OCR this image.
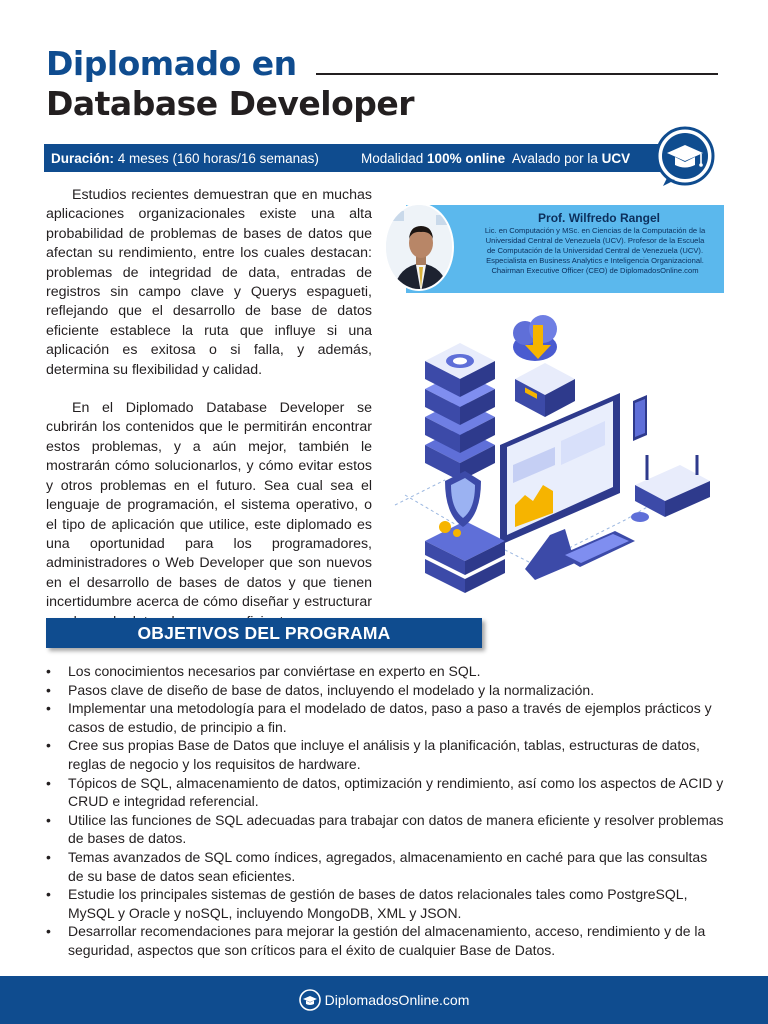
Diplomado en
Database Developer
Duración: 4 meses (160 horas/16 semanas)	Modalidad 100% online  Avalado por la UCV

Estudios recientes demuestran que en muchas aplicaciones organizacionales existe una alta probabilidad de problemas de bases de datos que afectan su rendimiento, entre los cuales destacan: problemas de integridad de data, entradas de registros sin campo clave y Querys espagueti, reflejando que el desarrollo de base de datos eficiente establece la ruta que influye si una aplicación es exitosa o si falla, y además, determina su flexibilidad y calidad.

En el Diplomado Database Developer se cubrirán los contenidos que le permitirán encontrar estos problemas, y a aún mejor, también le mostrarán cómo solucionarlos, y cómo evitar estos y otros problemas en el futuro. Sea cual sea el lenguaje de programación, el sistema operativo, o el tipo de aplicación que utilice, este diplomado es una oportunidad para los programadores, administradores o Web Developer que son nuevos en el desarrollo de bases de datos y que tienen incertidumbre acerca de cómo diseñar y estructurar

Prof. Wilfredo Rangel
Lic. en Computación y MSc. en Ciencias de la Computación de la
Universidad Central de Venezuela (UCV). Profesor de la Escuela
de Computación de la Universidad Central de Venezuela (UCV).
Especialista en Business Analytics e Inteligencia Organizacional.
Chairman Executive Officer (CEO) de DiplomadosOnline.com
OBJETIVOS DEL PROGRAMA
• Los conocimientos necesarios par conviértase en experto en SQL.
• Pasos clave de diseño de base de datos, incluyendo el modelado y la normalización.
• Implementar una metodología para el modelado de datos, paso a paso a través de ejemplos prácticos y casos de estudio, de principio a fin.
• Cree sus propias Base de Datos que incluye el análisis y la planificación, tablas, estructuras de datos, reglas de negocio y los requisitos de hardware.
• Tópicos de SQL, almacenamiento de datos, optimización y rendimiento, así como los aspectos de ACID y CRUD e integridad referencial.
• Utilice las funciones de SQL adecuadas para trabajar con datos de manera eficiente y resolver problemas de bases de datos.
• Temas avanzados de SQL como índices, agregados, almacenamiento en caché para que las consultas de su base de datos sean eficientes.
• Estudie los principales sistemas de gestión de bases de datos relacionales tales como PostgreSQL, MySQL y Oracle y noSQL, incluyendo MongoDB, XML y JSON.
• Desarrollar recomendaciones para mejorar la gestión del almacenamiento, acceso, rendimiento y de la seguridad, aspectos que son críticos para el éxito de cualquier Base de Datos.
DiplomadosOnline.com
